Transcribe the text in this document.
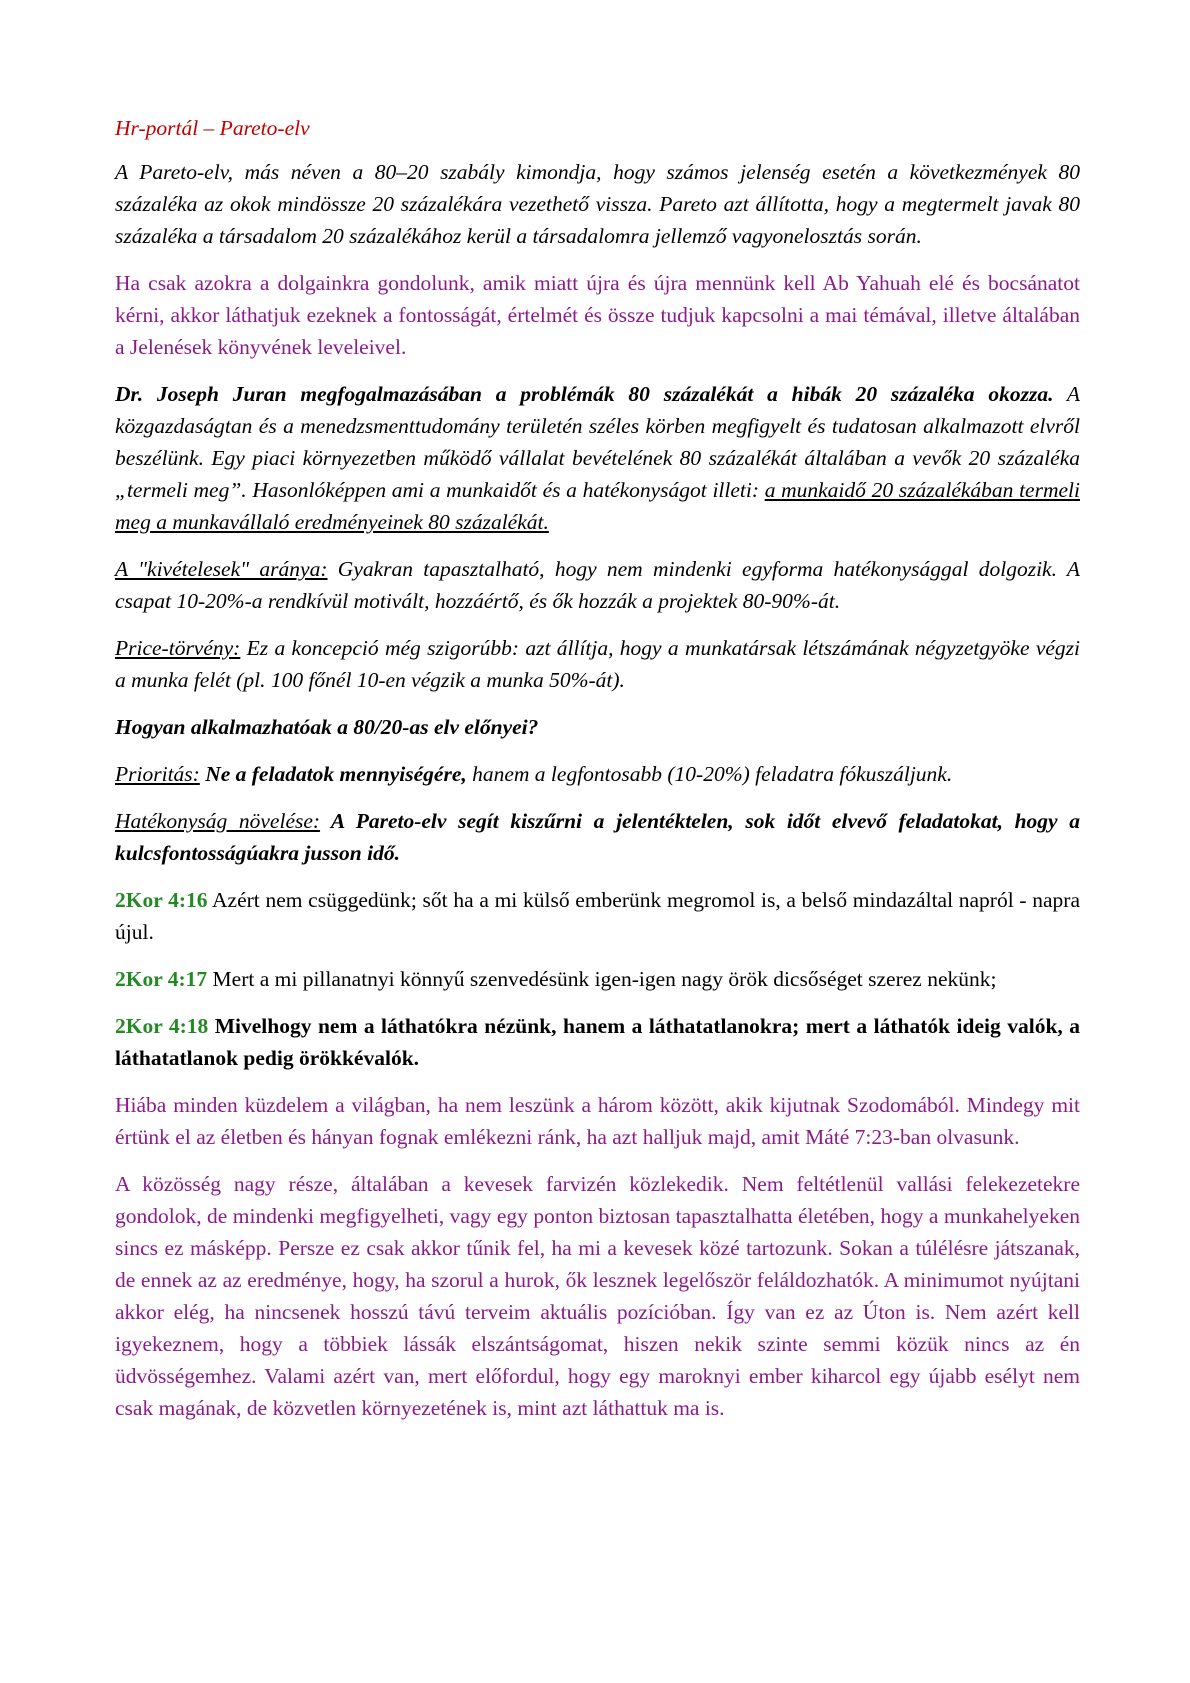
Hr-portál – Pareto-elv

A Pareto-elv, más néven a 80–20 szabály kimondja, hogy számos jelenség esetén a következmények 80 százaléka az okok mindössze 20 százalékára vezethető vissza. Pareto azt állította, hogy a megtermelt javak 80 százaléka a társadalom 20 százalékához kerül a társadalomra jellemző vagyonelosztás során.

Ha csak azokra a dolgainkra gondolunk, amik miatt újra és újra mennünk kell Ab Yahuah elé és bocsánatot kérni, akkor láthatjuk ezeknek a fontosságát, értelmét és össze tudjuk kapcsolni a mai témával, illetve általában a Jelenések könyvének leveleivel.

Dr. Joseph Juran megfogalmazásában a problémák 80 százalékát a hibák 20 százaléka okozza. A közgazdaságtan és a menedzsmenttudomány területén széles körben megfigyelt és tudatosan alkalmazott elvről beszélünk. Egy piaci környezetben működő vállalat bevételének 80 százalékát általában a vevők 20 százaléka „termeli meg”. Hasonlóképpen ami a munkaidőt és a hatékonyságot illeti: a munkaidő 20 százalékában termeli meg a munkavállaló eredményeinek 80 százalékát.

A "kivételesek" aránya: Gyakran tapasztalható, hogy nem mindenki egyforma hatékonysággal dolgozik. A csapat 10-20%-a rendkívül motivált, hozzáértő, és ők hozzák a projektek 80-90%-át.

Price-törvény: Ez a koncepció még szigorúbb: azt állítja, hogy a munkatársak létszámának négyzetgyöke végzi a munka felét (pl. 100 főnél 10-en végzik a munka 50%-át).

Hogyan alkalmazhatóak a 80/20-as elv előnyei?

Prioritás: Ne a feladatok mennyiségére, hanem a legfontosabb (10-20%) feladatra fókuszáljunk.

Hatékonyság növelése: A Pareto-elv segít kiszűrni a jelentéktelen, sok időt elvevő feladatokat, hogy a kulcsfontosságúakra jusson idő.

2Kor 4:16 Azért nem csüggedünk; sőt ha a mi külső emberünk megromol is, a belső mindazáltal napról - napra újul.

2Kor 4:17 Mert a mi pillanatnyi könnyű szenvedésünk igen-igen nagy örök dicsőséget szerez nekünk;

2Kor 4:18 Mivelhogy nem a láthatókra nézünk, hanem a láthatatlanokra; mert a láthatók ideig valók, a láthatatlanok pedig örökkévalók.

Hiába minden küzdelem a világban, ha nem leszünk a három között, akik kijutnak Szodomából. Mindegy mit értünk el az életben és hányan fognak emlékezni ránk, ha azt halljuk majd, amit Máté 7:23-ban olvasunk.

A közösség nagy része, általában a kevesek farvizén közlekedik. Nem feltétlenül vallási felekezetekre gondolok, de mindenki megfigyelheti, vagy egy ponton biztosan tapasztalhatta életében, hogy a munkahelyeken sincs ez másképp. Persze ez csak akkor tűnik fel, ha mi a kevesek közé tartozunk. Sokan a túlélésre játszanak, de ennek az az eredménye, hogy, ha szorul a hurok, ők lesznek legelőször feláldozhatók. A minimumot nyújtani akkor elég, ha nincsenek hosszú távú terveim aktuális pozícióban. Így van ez az Úton is. Nem azért kell igyekeznem, hogy a többiek lássák elszántságomat, hiszen nekik szinte semmi közük nincs az én üdvösségemhez. Valami azért van, mert előfordul, hogy egy maroknyi ember kiharcol egy újabb esélyt nem csak magának, de közvetlen környezetének is, mint azt láthattuk ma is.
